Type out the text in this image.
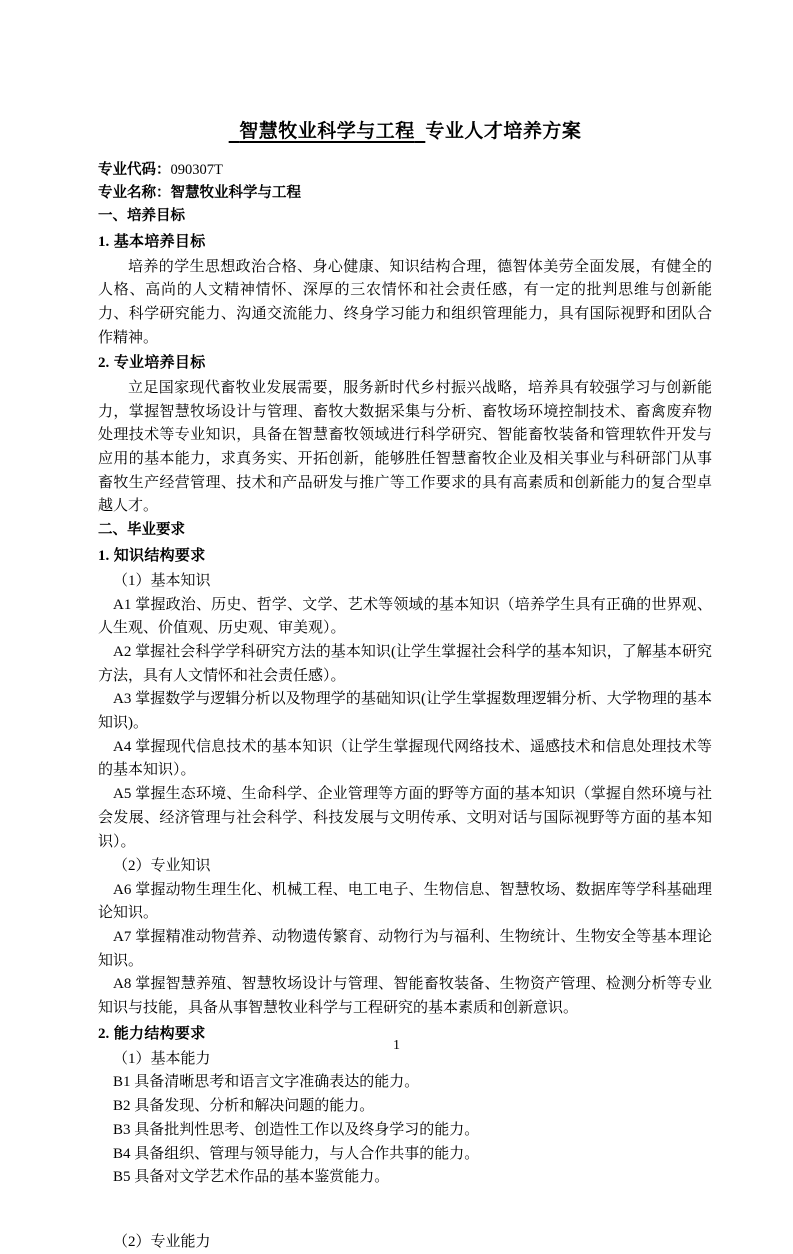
智慧牧业科学与工程 专业人才培养方案
专业代码：090307T
专业名称：智慧牧业科学与工程
一、培养目标
1. 基本培养目标

培养的学生思想政治合格、身心健康、知识结构合理，德智体美劳全面发展，有健全的人格、高尚的人文精神情怀、深厚的三农情怀和社会责任感，有一定的批判思维与创新能力、科学研究能力、沟通交流能力、终身学习能力和组织管理能力，具有国际视野和团队合作精神。

2. 专业培养目标

立足国家现代畜牧业发展需要，服务新时代乡村振兴战略，培养具有较强学习与创新能力，掌握智慧牧场设计与管理、畜牧大数据采集与分析、畜牧场环境控制技术、畜禽废弃物处理技术等专业知识，具备在智慧畜牧领域进行科学研究、智能畜牧装备和管理软件开发与应用的基本能力，求真务实、开拓创新，能够胜任智慧畜牧企业及相关事业与科研部门从事畜牧生产经营管理、技术和产品研发与推广等工作要求的具有高素质和创新能力的复合型卓越人才。

二、毕业要求
1. 知识结构要求
（1）基本知识

A1 掌握政治、历史、哲学、文学、艺术等领域的基本知识（培养学生具有正确的世界观、人生观、价值观、历史观、审美观）。

A2 掌握社会科学学科研究方法的基本知识(让学生掌握社会科学的基本知识，了解基本研究方法，具有人文情怀和社会责任感）。

A3 掌握数学与逻辑分析以及物理学的基础知识(让学生掌握数理逻辑分析、大学物理的基本知识)。

A4 掌握现代信息技术的基本知识（让学生掌握现代网络技术、遥感技术和信息处理技术等的基本知识）。

A5 掌握生态环境、生命科学、企业管理等方面的野等方面的基本知识（掌握自然环境与社会发展、经济管理与社会科学、科技发展与文明传承、文明对话与国际视野等方面的基本知识）。

（2）专业知识

A6 掌握动物生理生化、机械工程、电工电子、生物信息、智慧牧场、数据库等学科基础理论知识。

A7 掌握精准动物营养、动物遗传繁育、动物行为与福利、生物统计、生物安全等基本理论知识。

A8 掌握智慧养殖、智慧牧场设计与管理、智能畜牧装备、生物资产管理、检测分析等专业知识与技能，具备从事智慧牧业科学与工程研究的基本素质和创新意识。

2. 能力结构要求
（1）基本能力

B1 具备清晰思考和语言文字准确表达的能力。

B2 具备发现、分析和解决问题的能力。

B3 具备批判性思考、创造性工作以及终身学习的能力。

B4 具备组织、管理与领导能力，与人合作共事的能力。

B5 具备对文学艺术作品的基本鉴赏能力。

（2）专业能力
1
